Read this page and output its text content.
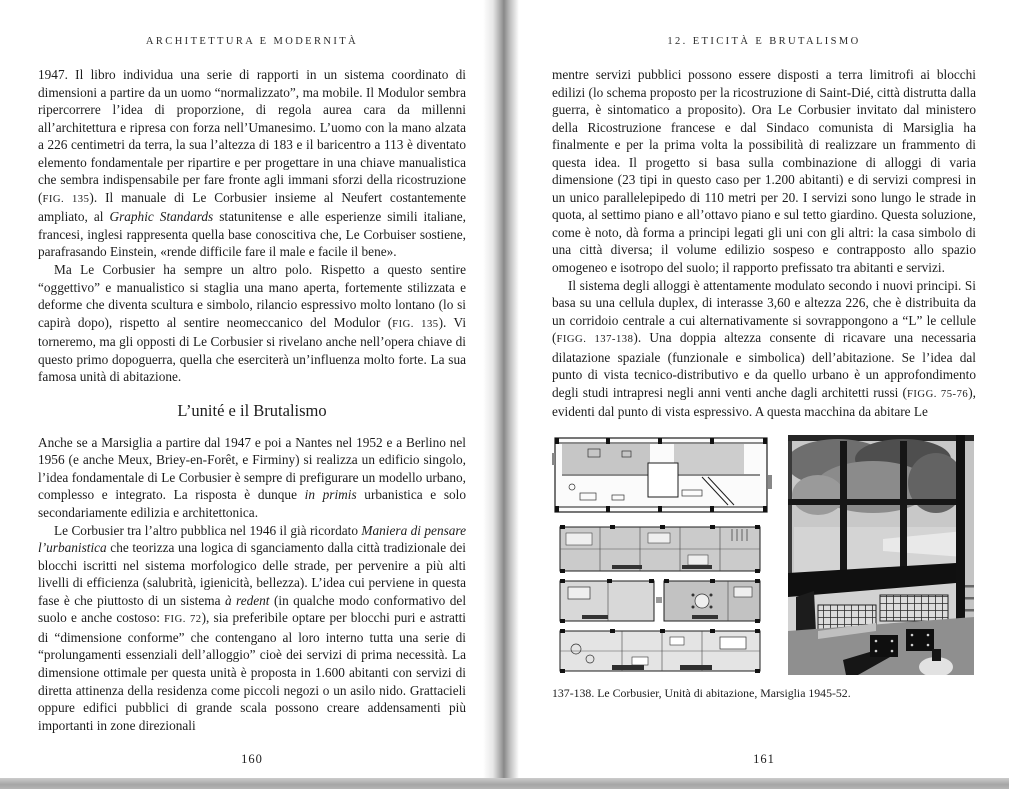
ARCHITETTURA E MODERNITÀ

1947. Il libro individua una serie di rapporti in un sistema coordinato di dimensioni a partire da un uomo “normalizzato”, ma mobile. Il Modulor sembra ripercorrere l’idea di proporzione, di regola aurea cara da millenni all’architettura e ripresa con forza nell’Umanesimo. L’uomo con la mano alzata a 226 centimetri da terra, la sua l’altezza di 183 e il baricentro a 113 è diventato elemento fondamentale per ripartire e per progettare in una chiave manualistica che sembra indispensabile per fare fronte agli immani sforzi della ricostruzione (FIG. 135). Il manuale di Le Corbusier insieme al Neufert costantemente ampliato, al Graphic Standards statunitense e alle esperienze simili italiane, francesi, inglesi rappresenta quella base conoscitiva che, Le Corbuiser sostiene, parafrasando Einstein, «rende difficile fare il male e facile il bene».

Ma Le Corbusier ha sempre un altro polo. Rispetto a questo sentire “oggettivo” e manualistico si staglia una mano aperta, fortemente stilizzata e deforme che diventa scultura e simbolo, rilancio espressivo molto lontano (lo si capirà dopo), rispetto al sentire neomeccanico del Modulor (FIG. 135). Vi torneremo, ma gli opposti di Le Corbusier si rivelano anche nell’opera chiave di questo primo dopoguerra, quella che eserciterà un’influenza molto forte. La sua famosa unità di abitazione.

L’unité e il Brutalismo

Anche se a Marsiglia a partire dal 1947 e poi a Nantes nel 1952 e a Berlino nel 1956 (e anche Meux, Briey-en-Forêt, e Firminy) si realizza un edificio singolo, l’idea fondamentale di Le Corbusier è sempre di prefigurare un modello urbano, complesso e integrato. La risposta è dunque in primis urbanistica e solo secondariamente edilizia e architettonica.

Le Corbusier tra l’altro pubblica nel 1946 il già ricordato Maniera di pensare l’urbanistica che teorizza una logica di sganciamento dalla città tradizionale dei blocchi iscritti nel sistema morfologico delle strade, per pervenire a più alti livelli di efficienza (salubrità, igienicità, bellezza). L’idea cui perviene in questa fase è che piuttosto di un sistema à redent (in qualche modo conformativo del suolo e anche costoso: FIG. 72), sia preferibile optare per blocchi puri e astratti di “dimensione conforme” che contengano al loro interno tutta una serie di “prolungamenti essenziali dell’alloggio” cioè dei servizi di prima necessità. La dimensione ottimale per questa unità è proposta in 1.600 abitanti con servizi di diretta attinenza della residenza come piccoli negozi o un asilo nido. Grattacieli oppure edifici pubblici di grande scala possono creare addensamenti più importanti in zone direzionali

160
12. ETICITÀ E BRUTALISMO

mentre servizi pubblici possono essere disposti a terra limitrofi ai blocchi edilizi (lo schema proposto per la ricostruzione di Saint-Dié, città distrutta dalla guerra, è sintomatico a proposito). Ora Le Corbusier invitato dal ministero della Ricostruzione francese e dal Sindaco comunista di Marsiglia ha finalmente e per la prima volta la possibilità di realizzare un frammento di questa idea. Il progetto si basa sulla combinazione di alloggi di varia dimensione (23 tipi in questo caso per 1.200 abitanti) e di servizi compresi in un unico parallelepipedo di 110 metri per 20. I servizi sono lungo le strade in quota, al settimo piano e all’ottavo piano e sul tetto giardino. Questa soluzione, come è noto, dà forma a principi legati gli uni con gli altri: la casa simbolo di una città diversa; il volume edilizio sospeso e contrapposto allo spazio omogeneo e isotropo del suolo; il rapporto prefissato tra abitanti e servizi.

Il sistema degli alloggi è attentamente modulato secondo i nuovi principi. Si basa su una cellula duplex, di interasse 3,60 e altezza 226, che è distribuita da un corridoio centrale a cui alternativamente si sovrappongono a “L” le cellule (FIGG. 137-138). Una doppia altezza consente di ricavare una necessaria dilatazione spaziale (funzionale e simbolica) dell’abitazione. Se l’idea dal punto di vista tecnico-distributivo e da quello urbano è un approfondimento degli studi intrapresi negli anni venti anche dagli architetti russi (FIGG. 75-76), evidenti dal punto di vista espressivo. A questa macchina da abitare Le

137-138. Le Corbusier, Unità di abitazione, Marsiglia 1945-52.
161
